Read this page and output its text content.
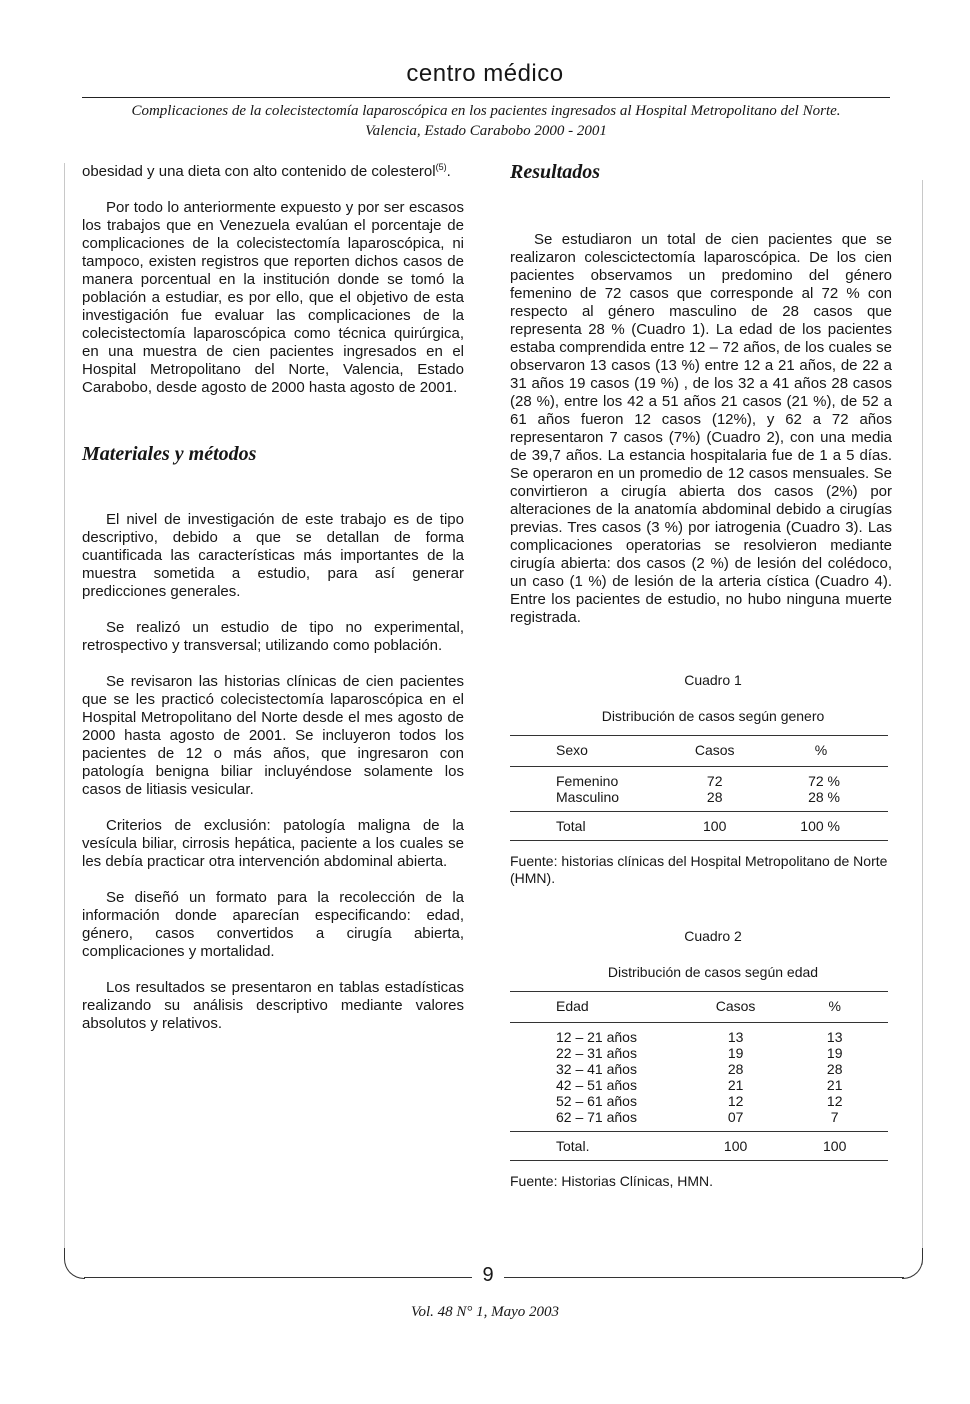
centro médico
Complicaciones de la colecistectomía laparoscópica en los pacientes ingresados al Hospital Metropolitano del Norte.
Valencia, Estado Carabobo 2000 - 2001

obesidad y una dieta con alto contenido de colesterol$^{(5)}$.

Por todo lo anteriormente expuesto y por ser escasos los trabajos que en Venezuela evalúan el porcentaje de complicaciones de la colecistectomía laparoscópica, ni tampoco, existen registros que reporten dichos casos de manera porcentual en la institución donde se tomó la población a estudiar, es por ello, que el objetivo de esta investigación fue evaluar las complicaciones de la colecistectomía laparoscópica como técnica quirúrgica, en una muestra de cien pacientes ingresados en el Hospital Metropolitano del Norte, Valencia, Estado Carabobo, desde agosto de 2000 hasta agosto de 2001.

Materiales y métodos

El nivel de investigación de este trabajo es de tipo descriptivo, debido a que se detallan de forma cuantificada las características más importantes de la muestra sometida a estudio, para así generar predicciones generales.

Se realizó un estudio de tipo no experimental, retrospectivo y transversal; utilizando como población.

Se revisaron las historias clínicas de cien pacientes que se les practicó colecistectomía laparoscópica en el Hospital Metropolitano del Norte desde el mes agosto de 2000 hasta agosto de 2001. Se incluyeron todos los pacientes de 12 o más años, que ingresaron con patología benigna biliar incluyéndose solamente los casos de litiasis vesicular.

Criterios de exclusión: patología maligna de la vesícula biliar, cirrosis hepática, paciente a los cuales se les debía practicar otra intervención abdominal abierta.

Se diseñó un formato para la recolección de la información donde aparecían especificando: edad, género, casos convertidos a cirugía abierta, complicaciones y mortalidad.

Los resultados se presentaron en tablas estadísticas realizando su análisis descriptivo mediante valores absolutos y relativos.

Resultados

Se estudiaron un total de cien pacientes que se realizaron colescictectomía laparoscópica. De los cien pacientes observamos un predomino del género femenino de 72 casos que corresponde al 72 % con respecto al género masculino de 28 casos que representa 28 % (Cuadro 1). La edad de los pacientes estaba comprendida entre 12 – 72 años, de los cuales se observaron 13 casos (13 %) entre 12 a 21 años, de 22 a 31 años 19 casos (19 %) , de los 32 a 41 años 28 casos (28 %), entre los 42 a 51 años 21 casos (21 %), de 52 a 61 años fueron 12 casos (12%), y 62 a 72 años representaron 7 casos (7%) (Cuadro 2), con una media de 39,7 años. La estancia hospitalaria fue de 1 a 5 días. Se operaron en un promedio de 12 casos mensuales. Se convirtieron a cirugía abierta dos casos (2%) por alteraciones de la anatomía abdominal debido a cirugías previas. Tres casos (3 %) por iatrogenia (Cuadro 3). Las complicaciones operatorias se resolvieron mediante cirugía abierta: dos casos (2 %) de lesión del colédoco, un caso (1 %) de lesión de la arteria cística (Cuadro 4). Entre los pacientes de estudio, no hubo ninguna muerte registrada.

Cuadro 1

Distribución de casos según genero

Sexo	Casos	%
Femenino	72	72 %
Masculino	28	28 %
Total	100	100 %
Fuente: historias clínicas del Hospital Metropolitano de Norte (HMN).

Cuadro 2

Distribución de casos según edad

Edad	Casos	%
12 – 21 años	13	13
22 – 31 años	19	19
32 – 41 años	28	28
42 – 51 años	21	21
52 – 61 años	12	12
62 – 71 años	07	7
Total.	100	100
Fuente: Historias Clínicas, HMN.
9
Vol. 48 N° 1, Mayo 2003
